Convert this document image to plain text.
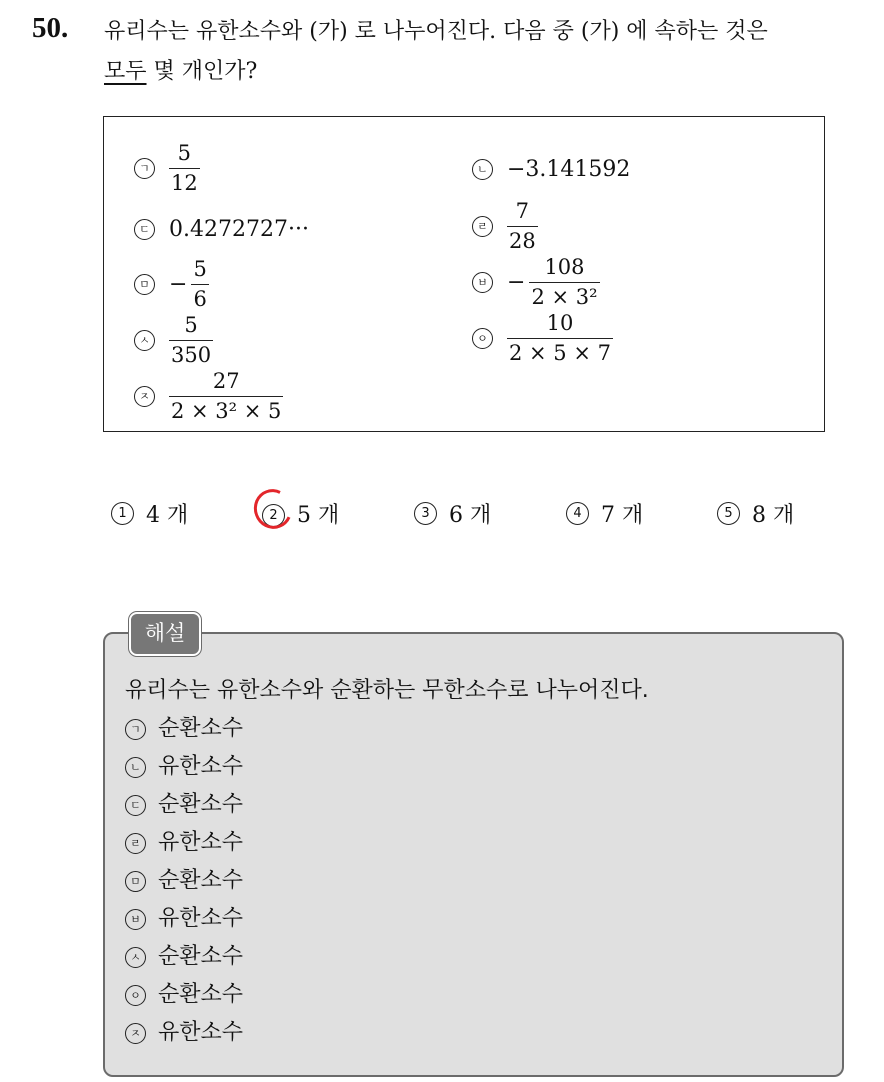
50. 유리수는 유한소수와 (가) 로 나누어진다. 다음 중 (가) 에 속하는 것은
모두 몇 개인가?
ㄱ $\frac{5}{12}$	ㄴ −3.141592
ㄷ 0.4272727···	ㄹ $\frac{7}{28}$
ㅁ − $\frac{5}{6}$	ㅂ − $\frac{108}{\text{2 × 3²}}$
ㅅ $\frac{5}{350}$	ㅇ $\frac{10}{2 \times 5 \times 7}$
ㅈ $\frac{27}{\text{2 × 3² × 5}}$
1 4 개	2 5 개	3 6 개	4 7 개	5 8 개
해설
유리수는 유한소수와 순환하는 무한소수로 나누어진다.
ㄱ 순환소수
ㄴ 유한소수
ㄷ 순환소수
ㄹ 유한소수
ㅁ 순환소수
ㅂ 유한소수
ㅅ 순환소수
ㅇ 순환소수
ㅈ 유한소수
